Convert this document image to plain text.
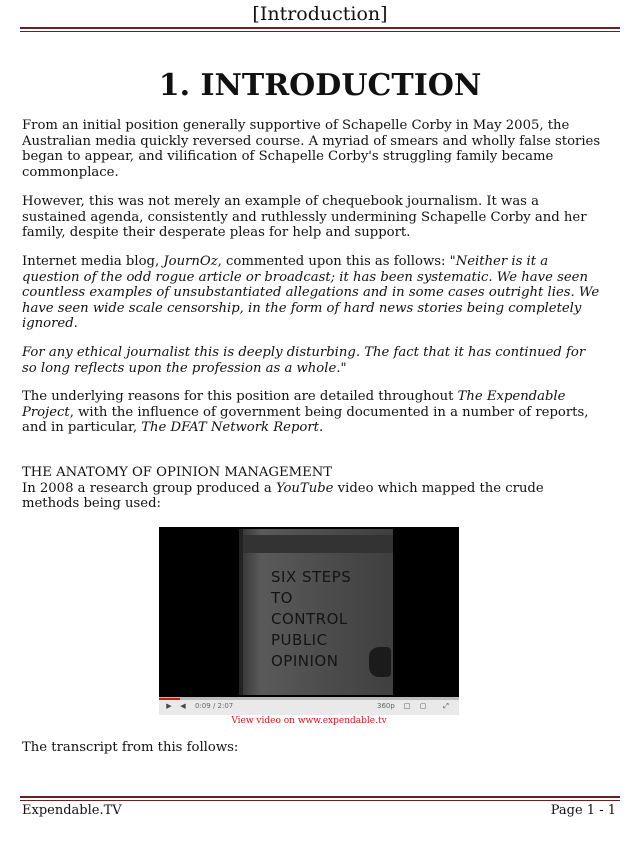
[Introduction]
1. INTRODUCTION
From an initial position generally supportive of Schapelle Corby in May 2005, the Australian media quickly reversed course. A myriad of smears and wholly false stories began to appear, and vilification of Schapelle Corby's struggling family became commonplace.
However, this was not merely an example of chequebook journalism. It was a sustained agenda, consistently and ruthlessly undermining Schapelle Corby and her family, despite their desperate pleas for help and support.
Internet media blog, JournOz, commented upon this as follows: "Neither is it a question of the odd rogue article or broadcast; it has been systematic. We have seen countless examples of unsubstantiated allegations and in some cases outright lies. We have seen wide scale censorship, in the form of hard news stories being completely ignored.
For any ethical journalist this is deeply disturbing. The fact that it has continued for so long reflects upon the profession as a whole."
The underlying reasons for this position are detailed throughout The Expendable Project, with the influence of government being documented in a number of reports, and in particular, The DFAT Network Report.
THE ANATOMY OF OPINION MANAGEMENT
In 2008 a research group produced a YouTube video which mapped the crude methods being used:
SIX STEPS
TO
CONTROL
PUBLIC
OPINION
▶	◀	0:09 / 2:07	360p	□	▢	⤢
View video on www.expendable.tv
The transcript from this follows:
Expendable.TV	Page 1 - 1
